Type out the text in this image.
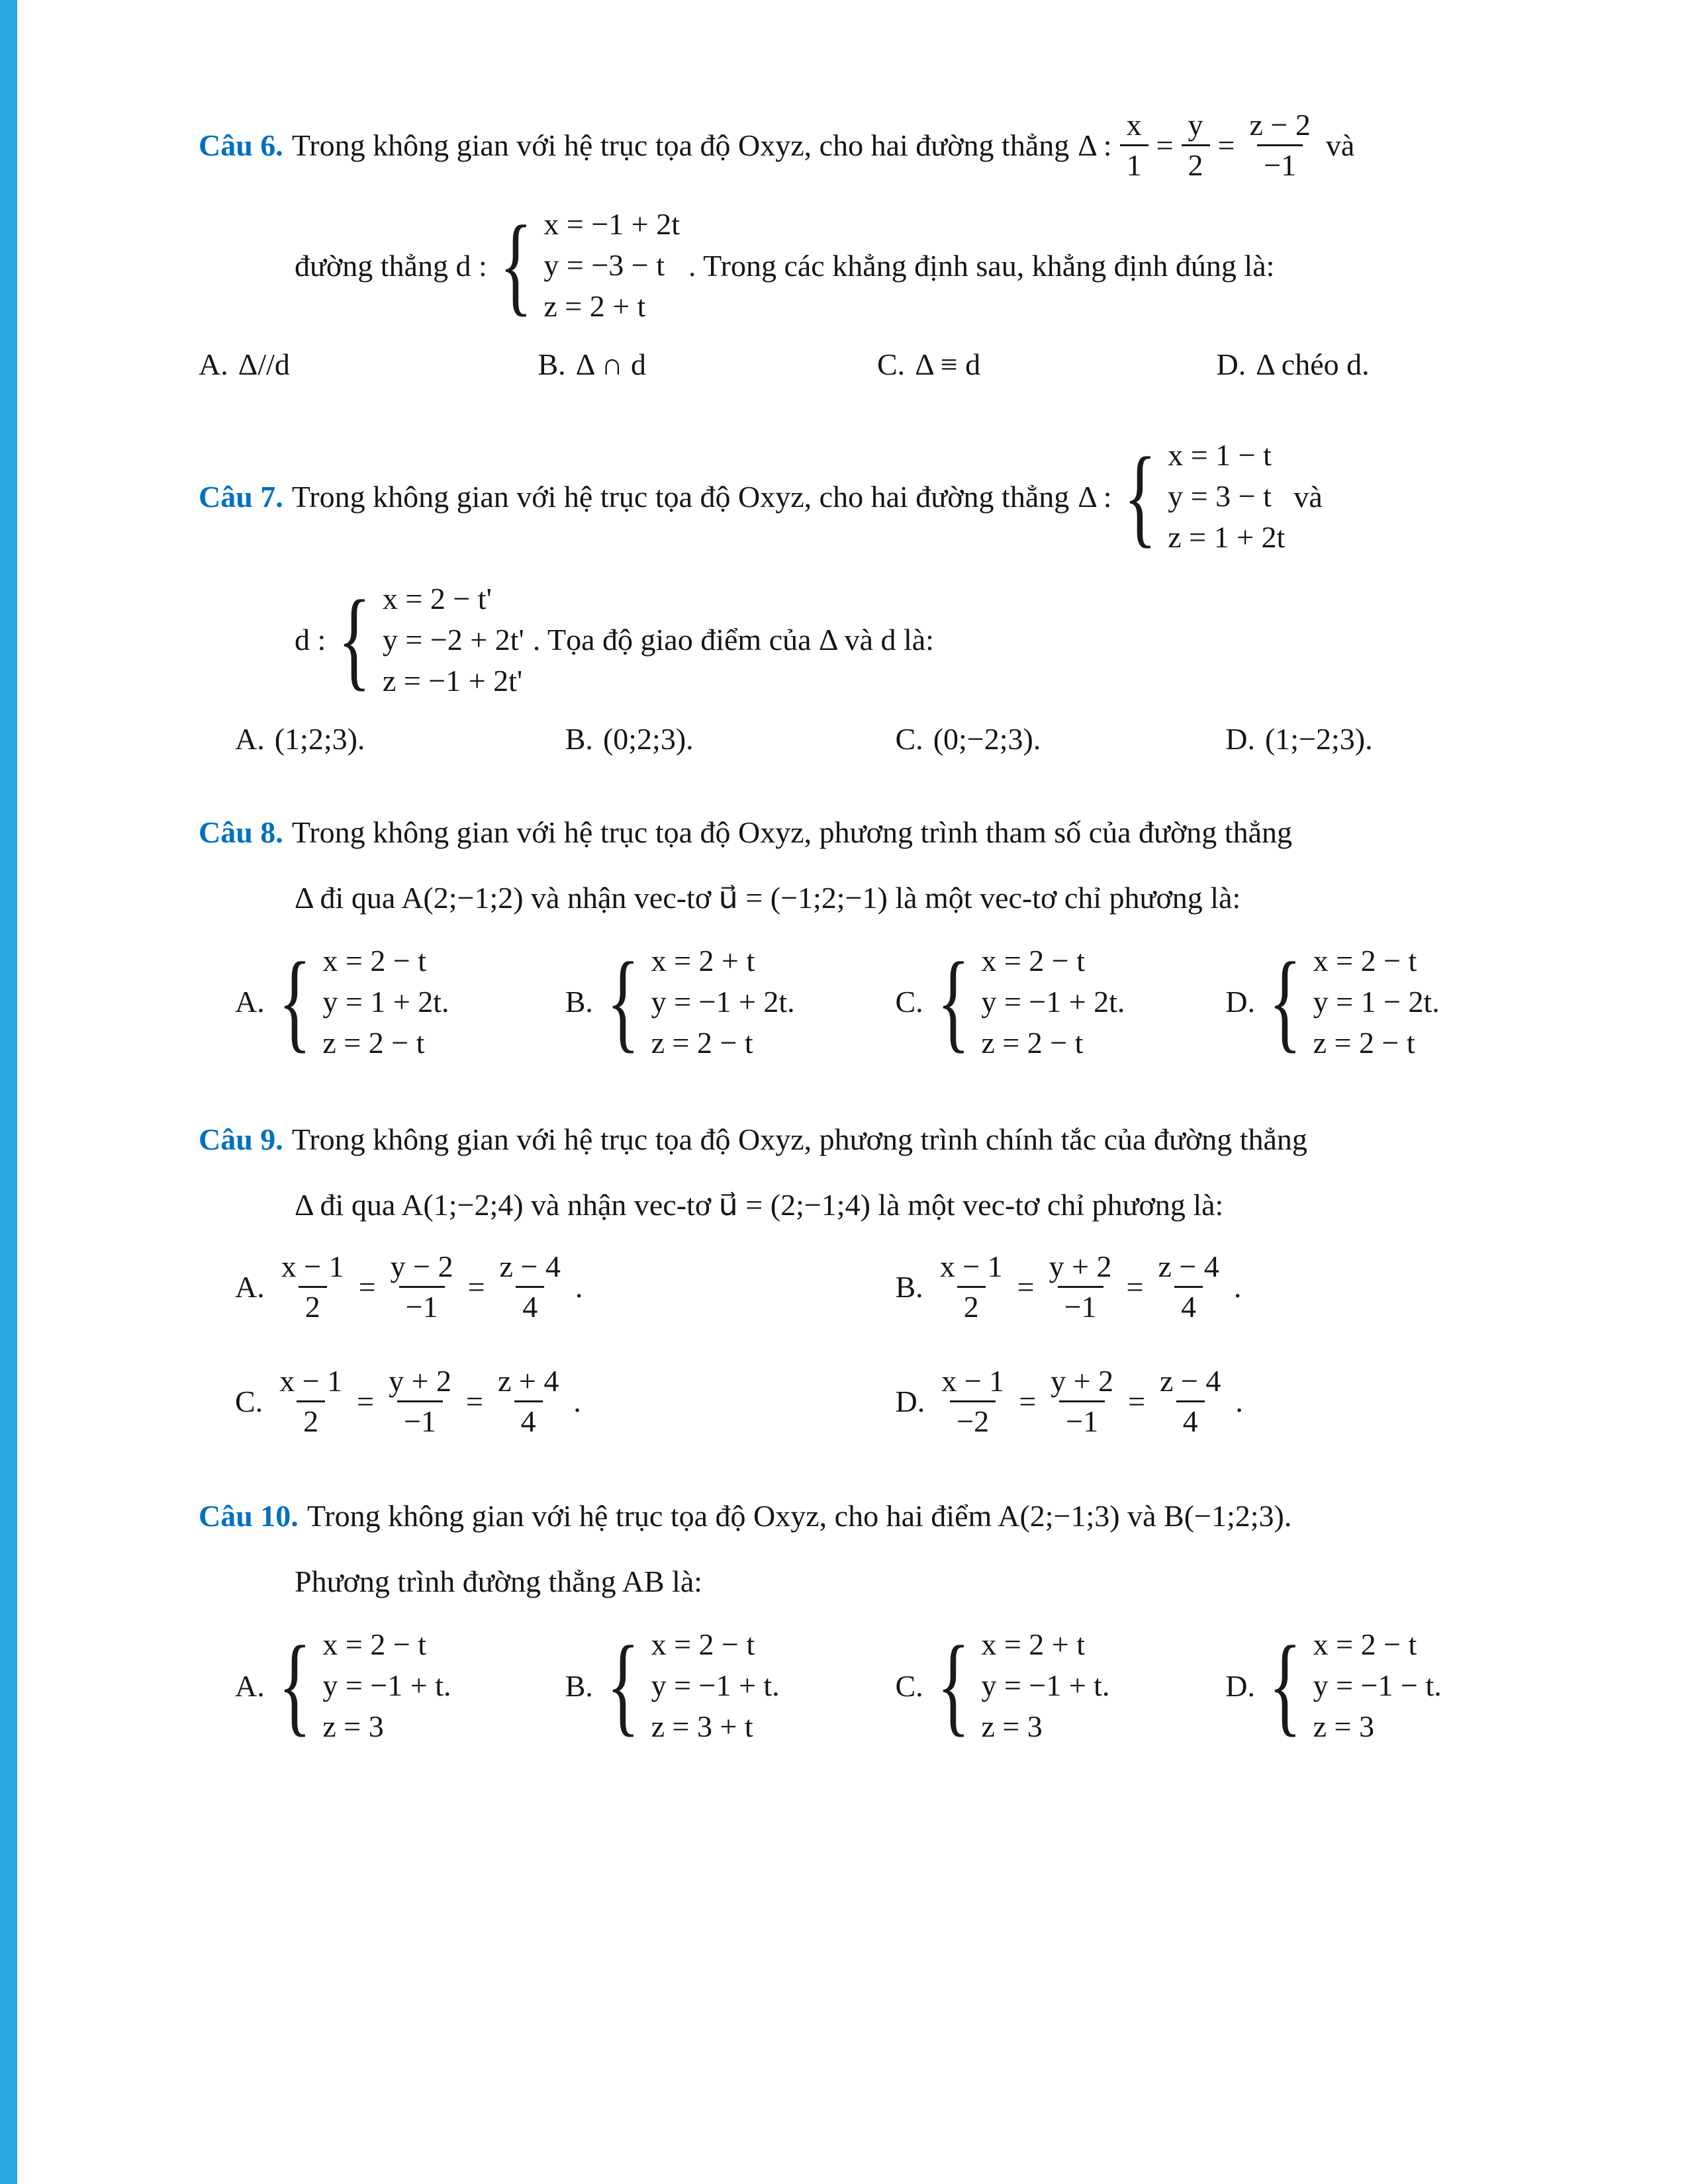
Câu 6. Trong không gian với hệ trục tọa độ Oxyz, cho hai đường thẳng Δ : $\frac{x}{1} = \frac{y}{2} = \frac{z - 2}{-1}$ và
đường thẳng d : { x = −1 + 2t
y = −3 − t
z = 2 + t
. Trong các khẳng định sau, khẳng định đúng là:
A. Δ//d	B. Δ ∩ d	C. Δ ≡ d	D. Δ chéo d.
Câu 7. Trong không gian với hệ trục tọa độ Oxyz, cho hai đường thẳng Δ : { x = 1 − t
y = 3 − t
z = 1 + 2t
và
d : { x = 2 − t'
y = −2 + 2t'
z = −1 + 2t'
. Tọa độ giao điểm của Δ và d là:
A. (1;2;3).	B. (0;2;3).	C. (0;−2;3).	D. (1;−2;3).
Câu 8. Trong không gian với hệ trục tọa độ Oxyz, phương trình tham số của đường thẳng
Δ đi qua A(2;−1;2) và nhận vec-tơ u⃗ = (−1;2;−1) là một vec-tơ chỉ phương là:
A. { x = 2 − t
y = 1 + 2t.
z = 2 − t
B. { x = 2 + t
y = −1 + 2t.
z = 2 − t
C. { x = 2 − t
y = −1 + 2t.
z = 2 − t
D. { x = 2 − t
y = 1 − 2t.
z = 2 − t
Câu 9. Trong không gian với hệ trục tọa độ Oxyz, phương trình chính tắc của đường thẳng
Δ đi qua A(1;−2;4) và nhận vec-tơ u⃗ = (2;−1;4) là một vec-tơ chỉ phương là:
A. $\frac{x - 1}{2} = \frac{y - 2}{-1} = \frac{z - 4}{4}$ .	B. $\frac{x - 1}{2} = \frac{y + 2}{-1} = \frac{z - 4}{4}$ .
C. $\frac{x - 1}{2} = \frac{y + 2}{-1} = \frac{z + 4}{4}$ .	D. $\frac{x - 1}{-2} = \frac{y + 2}{-1} = \frac{z - 4}{4}$ .
Câu 10. Trong không gian với hệ trục tọa độ Oxyz, cho hai điểm A(2;−1;3) và B(−1;2;3).
Phương trình đường thẳng AB là:
A. { x = 2 − t
y = −1 + t.
z = 3
B. { x = 2 − t
y = −1 + t.
z = 3 + t
C. { x = 2 + t
y = −1 + t.
z = 3
D. { x = 2 − t
y = −1 − t.
z = 3
